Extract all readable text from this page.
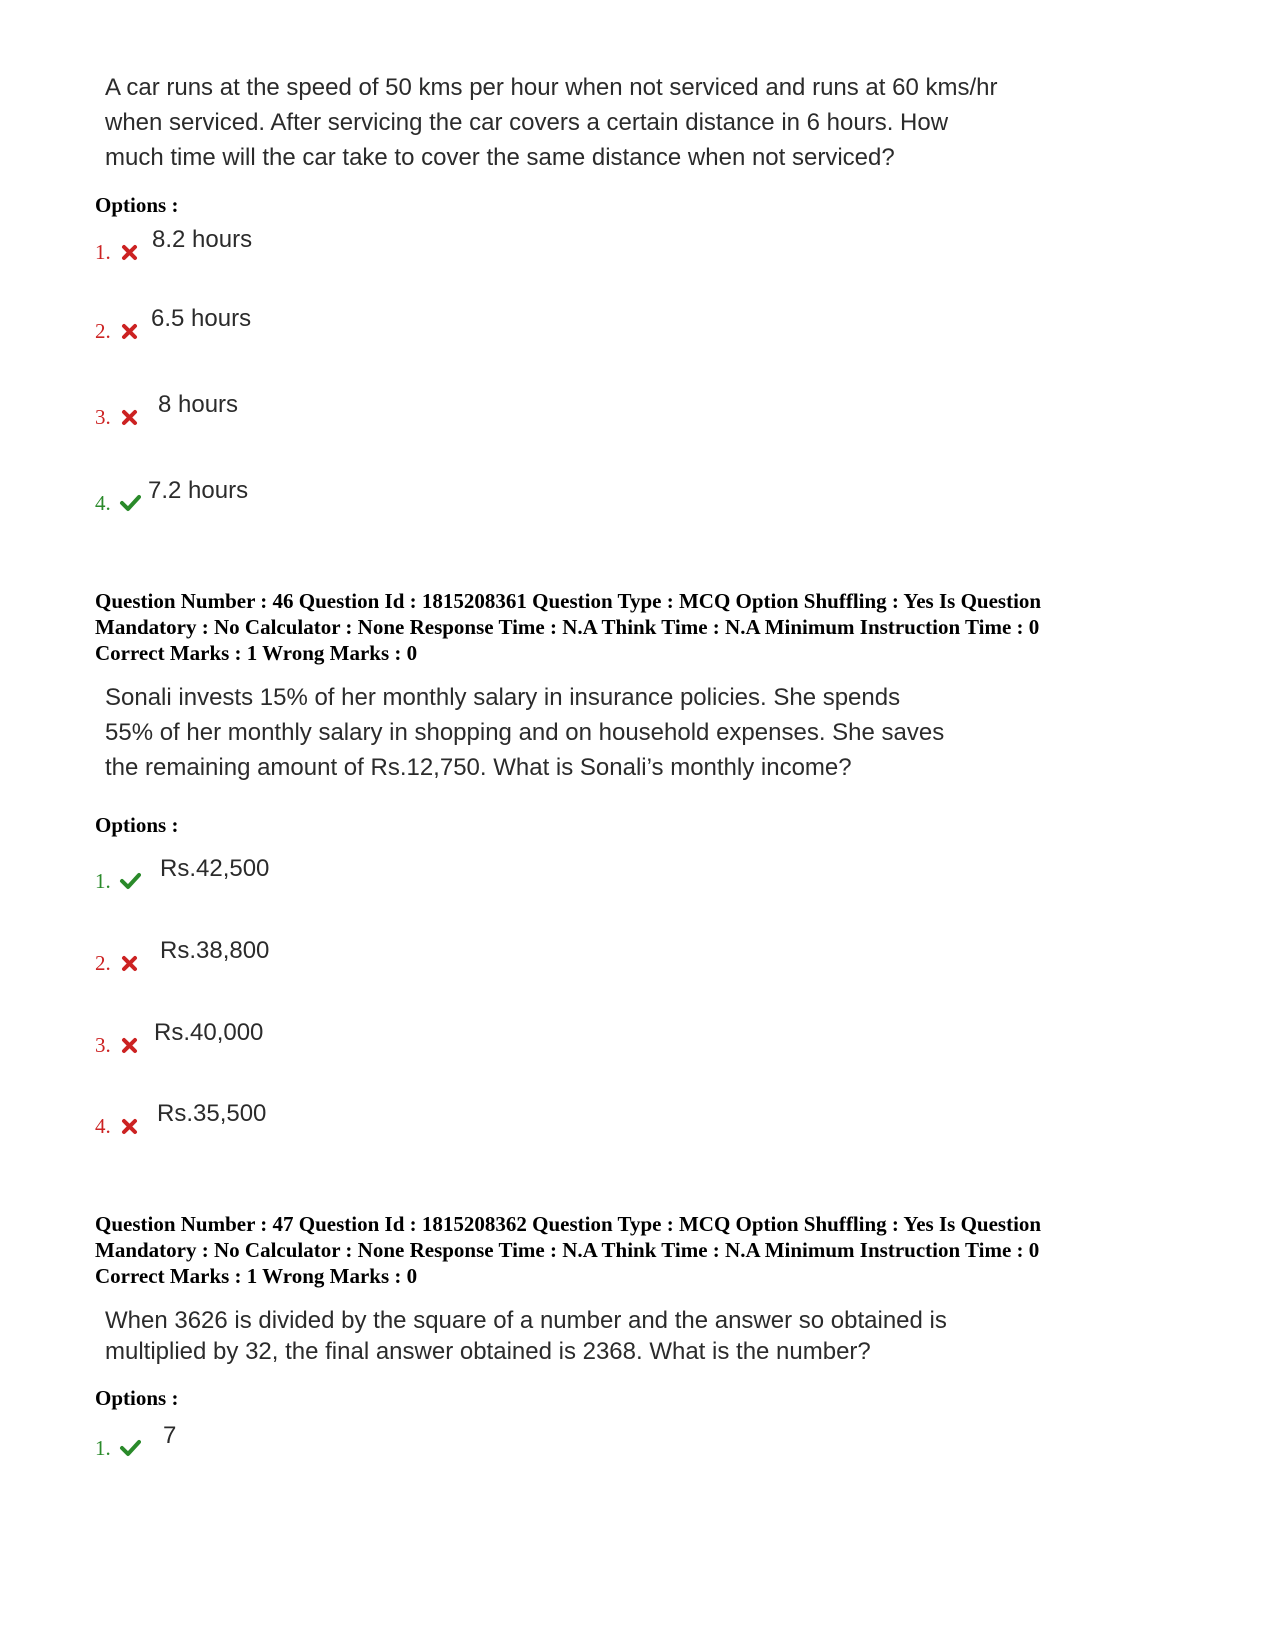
A car runs at the speed of 50 kms per hour when not serviced and runs at 60 kms/hr
when serviced. After servicing the car covers a certain distance in 6 hours. How
much time will the car take to cover the same distance when not serviced?
Options :
1. 8.2 hours
2. 6.5 hours
3. 8 hours
4. 7.2 hours
Question Number : 46 Question Id : 1815208361 Question Type : MCQ Option Shuffling : Yes Is Question
Mandatory : No Calculator : None Response Time : N.A Think Time : N.A Minimum Instruction Time : 0
Correct Marks : 1 Wrong Marks : 0
Sonali invests 15% of her monthly salary in insurance policies. She spends
55% of her monthly salary in shopping and on household expenses. She saves
the remaining amount of Rs.12,750. What is Sonali’s monthly income?
Options :
1. Rs.42,500
2. Rs.38,800
3. Rs.40,000
4. Rs.35,500
Question Number : 47 Question Id : 1815208362 Question Type : MCQ Option Shuffling : Yes Is Question
Mandatory : No Calculator : None Response Time : N.A Think Time : N.A Minimum Instruction Time : 0
Correct Marks : 1 Wrong Marks : 0
When 3626 is divided by the square of a number and the answer so obtained is
multiplied by 32, the final answer obtained is 2368. What is the number?
Options :
1. 7
